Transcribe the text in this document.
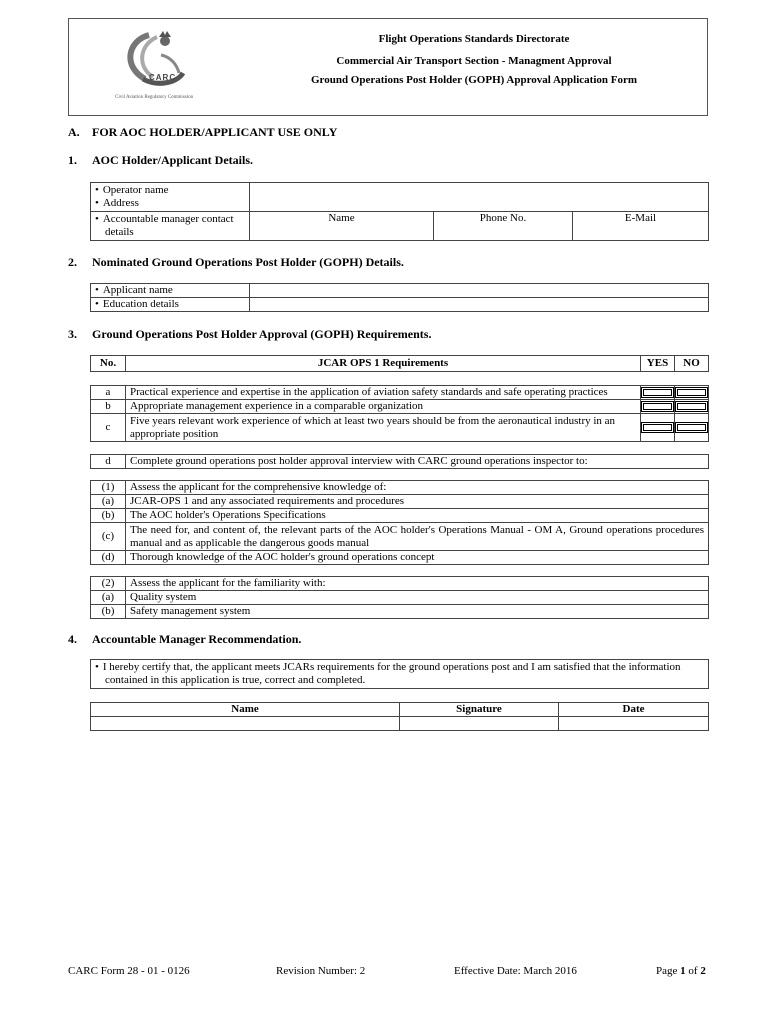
CARC
Civil Aviation Regulatory Commission
Flight Operations Standards Directorate
Commercial Air Transport Section - Managment Approval
Ground Operations Post Holder (GOPH) Approval Application Form
A. FOR AOC HOLDER/APPLICANT USE ONLY
1. AOC Holder/Applicant Details.
• Operator name
• Address

• Accountable manager contact details	Name	Phone No.	E-Mail
2. Nominated Ground Operations Post Holder (GOPH) Details.
• Applicant name

• Education details

3. Ground Operations Post Holder Approval (GOPH) Requirements.
No.	JCAR OPS 1 Requirements	YES	NO
a	Practical experience and expertise in the application of aviation safety standards and safe operating practices	

b	Appropriate management experience in a comparable organization	

c	Five years relevant work experience of which at least two years should be from the aeronautical industry in an appropriate position	

d	Complete ground operations post holder approval interview with CARC ground operations inspector to:
(1)	Assess the applicant for the comprehensive knowledge of:
(a)	JCAR-OPS 1 and any associated requirements and procedures
(b)	The AOC holder's Operations Specifications
(c)	The need for, and content of, the relevant parts of the AOC holder's Operations Manual - OM A, Ground operations procedures manual and as applicable the dangerous goods manual
(d)	Thorough knowledge of the AOC holder's ground operations concept
(2)	Assess the applicant for the familiarity with:
(a)	Quality system
(b)	Safety management system
4. Accountable Manager Recommendation.
• I hereby certify that, the applicant meets JCARs requirements for the ground operations post and I am satisfied that the information contained in this application is true, correct and completed.
Name	Signature	Date

CARC Form 28 - 01 - 0126	Revision Number: 2	Effective Date: March 2016	Page 1 of 2
